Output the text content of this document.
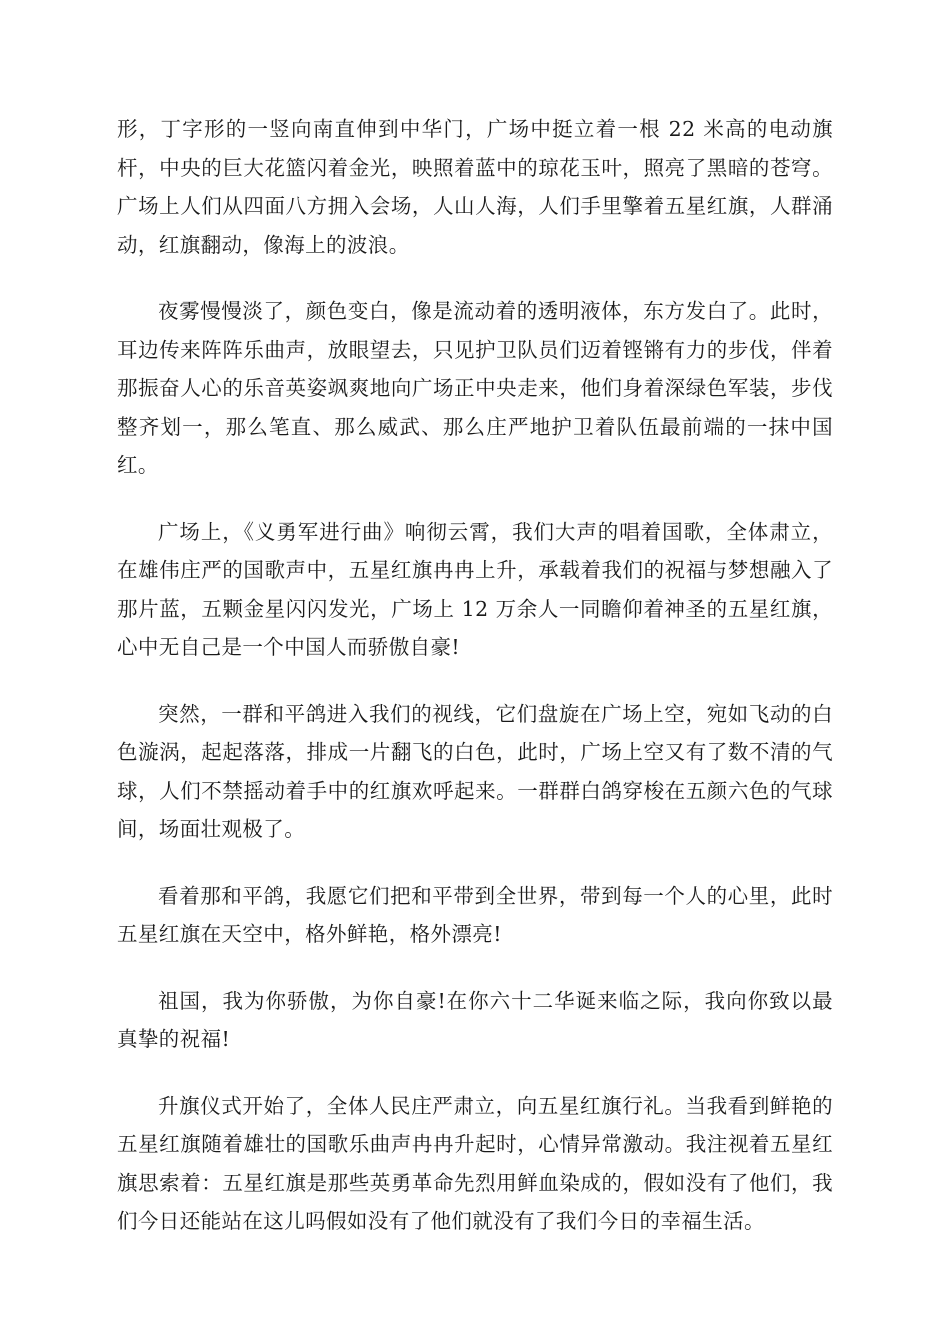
形，丁字形的一竖向南直伸到中华门，广场中挺立着一根 22 米高的电动旗杆，中央的巨大花篮闪着金光，映照着蓝中的琼花玉叶，照亮了黑暗的苍穹。广场上人们从四面八方拥入会场，人山人海，人们手里擎着五星红旗，人群涌动，红旗翻动，像海上的波浪。

夜雾慢慢淡了，颜色变白，像是流动着的透明液体，东方发白了。此时，耳边传来阵阵乐曲声，放眼望去，只见护卫队员们迈着铿锵有力的步伐，伴着那振奋人心的乐音英姿飒爽地向广场正中央走来，他们身着深绿色军装，步伐整齐划一，那么笔直、那么威武、那么庄严地护卫着队伍最前端的一抹中国红。

广场上，《义勇军进行曲》响彻云霄，我们大声的唱着国歌，全体肃立，在雄伟庄严的国歌声中，五星红旗冉冉上升，承载着我们的祝福与梦想融入了那片蓝，五颗金星闪闪发光，广场上 12 万余人一同瞻仰着神圣的五星红旗，心中无自己是一个中国人而骄傲自豪!

突然，一群和平鸽进入我们的视线，它们盘旋在广场上空，宛如飞动的白色漩涡，起起落落，排成一片翻飞的白色，此时，广场上空又有了数不清的气球，人们不禁摇动着手中的红旗欢呼起来。一群群白鸽穿梭在五颜六色的气球间，场面壮观极了。

看着那和平鸽，我愿它们把和平带到全世界，带到每一个人的心里，此时五星红旗在天空中，格外鲜艳，格外漂亮!

祖国，我为你骄傲，为你自豪!在你六十二华诞来临之际，我向你致以最真挚的祝福!

升旗仪式开始了，全体人民庄严肃立，向五星红旗行礼。当我看到鲜艳的五星红旗随着雄壮的国歌乐曲声冉冉升起时，心情异常激动。我注视着五星红旗思索着：五星红旗是那些英勇革命先烈用鲜血染成的，假如没有了他们，我们今日还能站在这儿吗假如没有了他们就没有了我们今日的幸福生活。
